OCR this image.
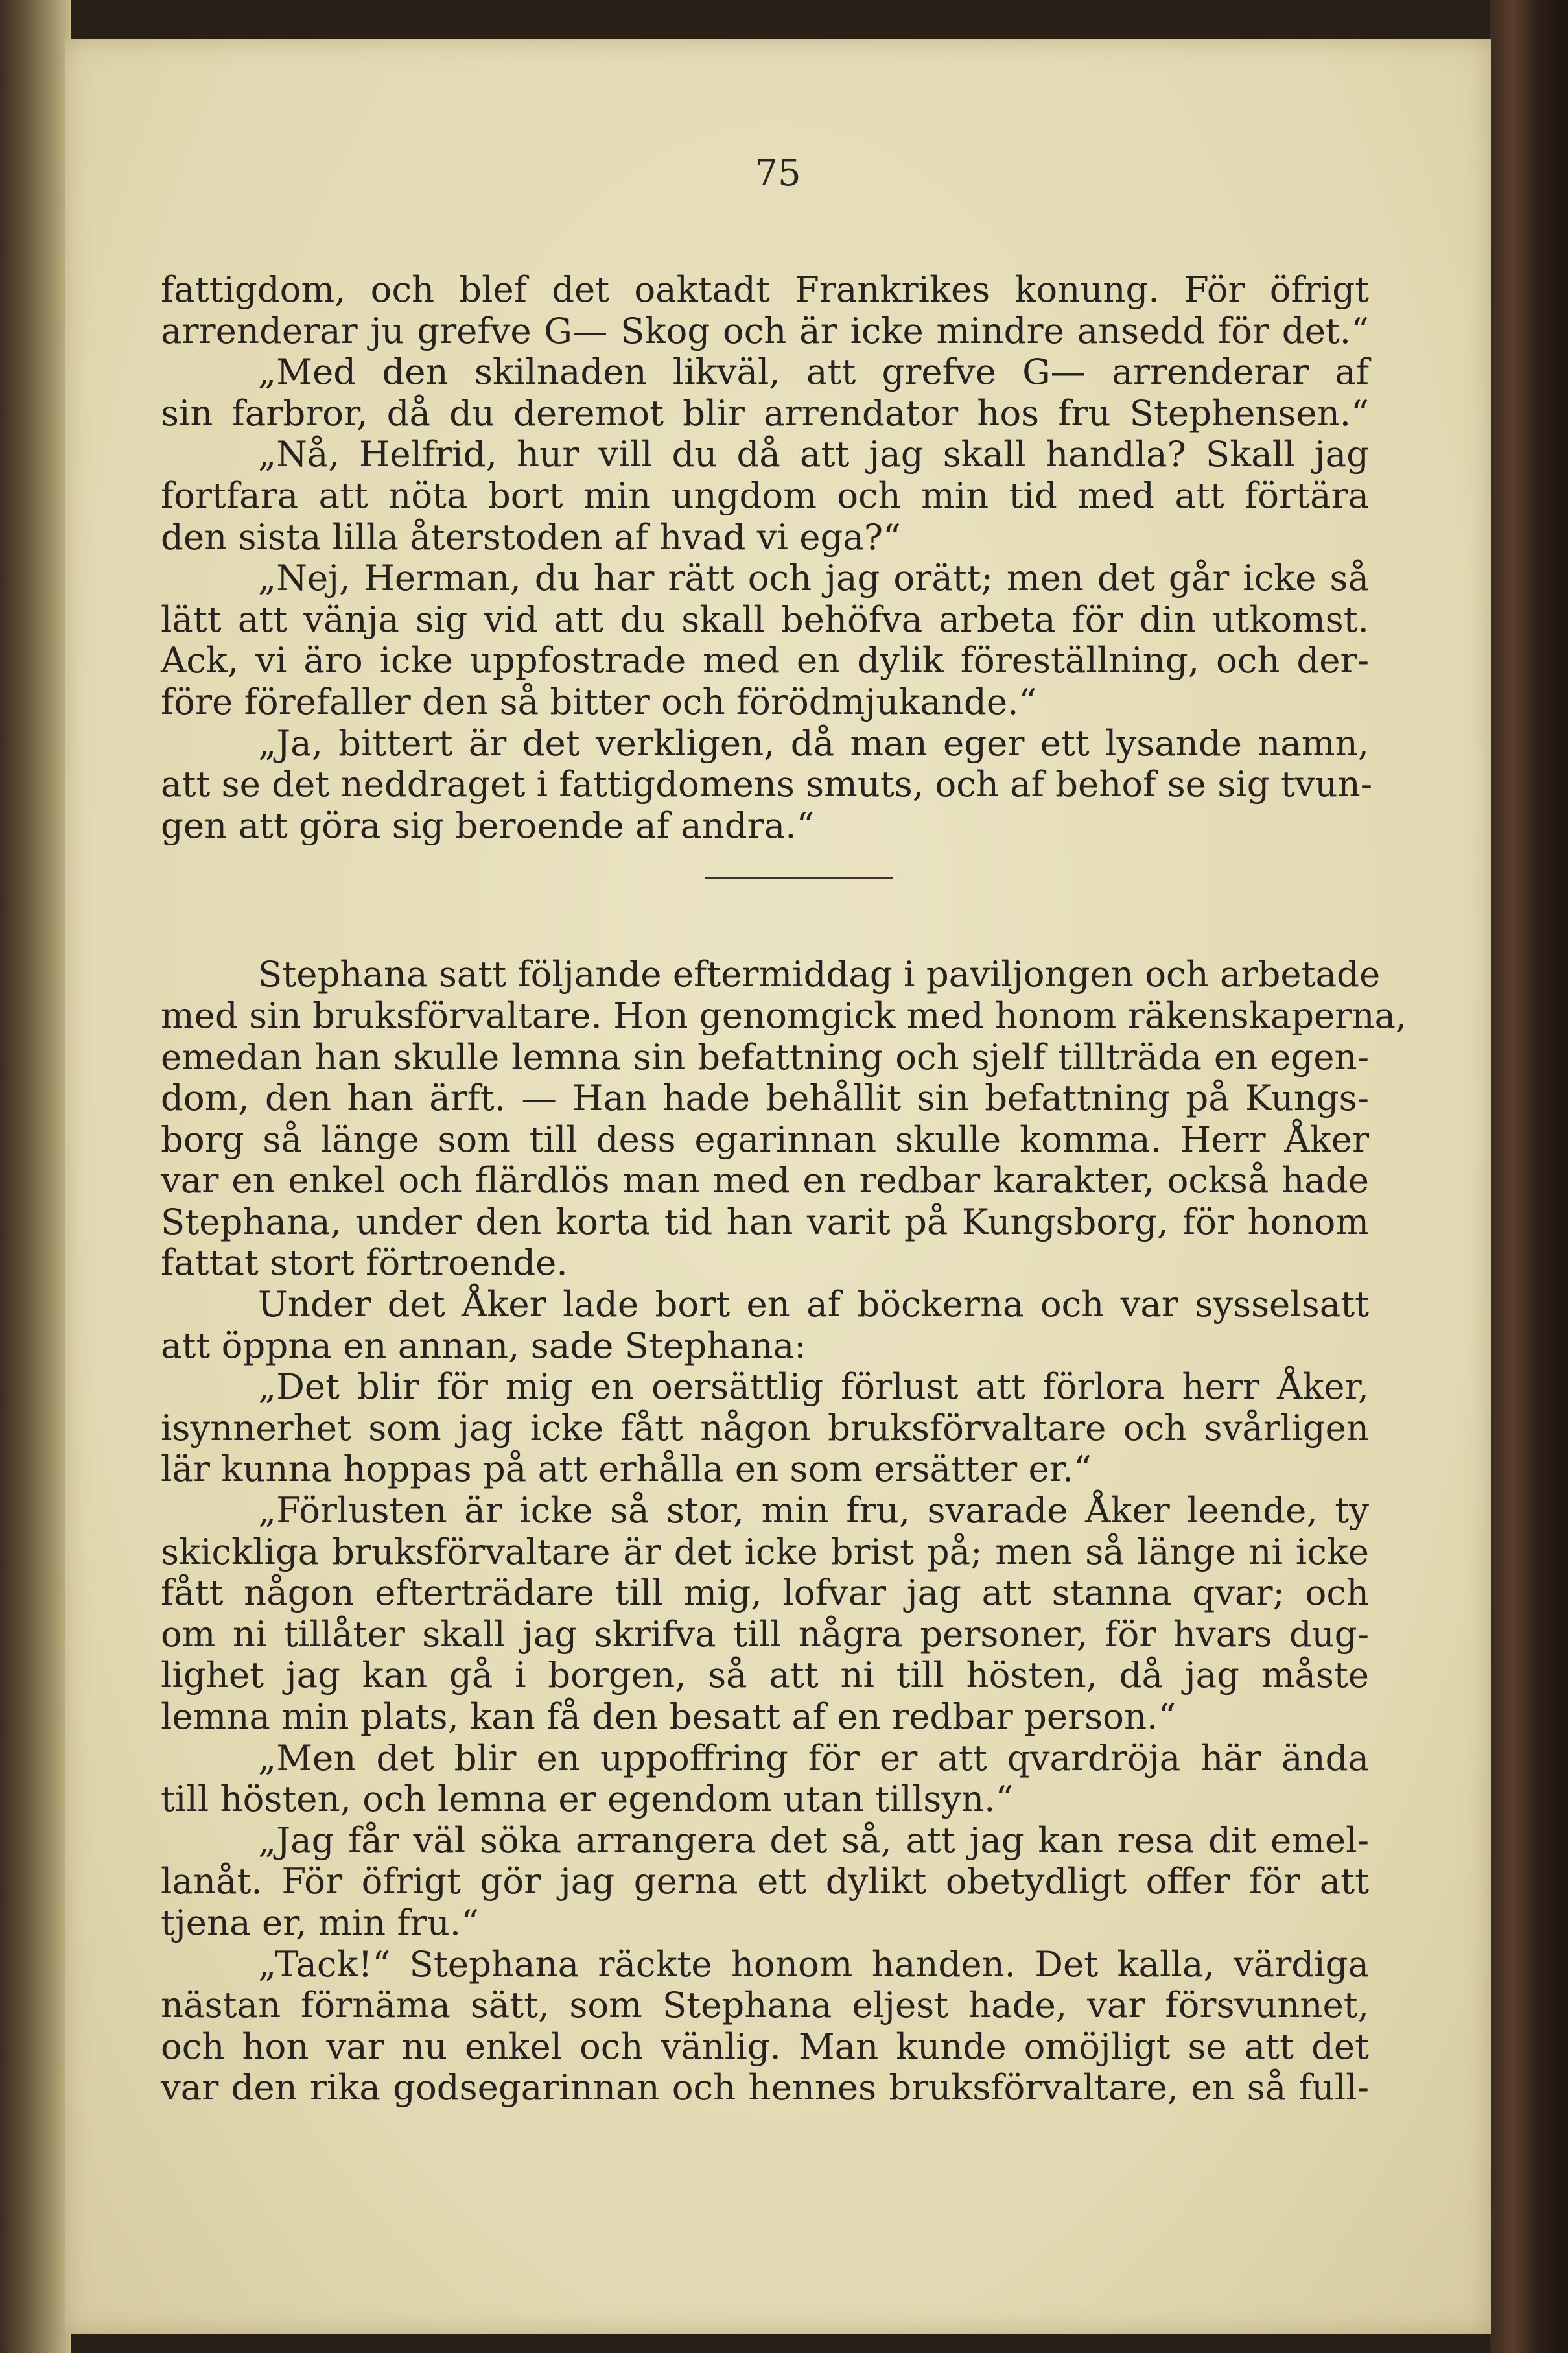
75
fattigdom, och blef det oaktadt Frankrikes konung. För öfrigt
arrenderar ju grefve G— Skog och är icke mindre ansedd för det.“
„Med den skilnaden likväl, att grefve G— arrenderar af
sin farbror, då du deremot blir arrendator hos fru Stephensen.“
„Nå, Helfrid, hur vill du då att jag skall handla? Skall jag
fortfara att nöta bort min ungdom och min tid med att förtära
den sista lilla återstoden af hvad vi ega?“
„Nej, Herman, du har rätt och jag orätt; men det går icke så
lätt att vänja sig vid att du skall behöfva arbeta för din utkomst.
Ack, vi äro icke uppfostrade med en dylik föreställning, och der-
före förefaller den så bitter och förödmjukande.“
„Ja, bittert är det verkligen, då man eger ett lysande namn,
att se det neddraget i fattigdomens smuts, och af behof se sig tvun-
gen att göra sig beroende af andra.“
Stephana satt följande eftermiddag i paviljongen och arbetade
med sin bruksförvaltare. Hon genomgick med honom räkenskaperna,
emedan han skulle lemna sin befattning och sjelf tillträda en egen-
dom, den han ärft. — Han hade behållit sin befattning på Kungs-
borg så länge som till dess egarinnan skulle komma. Herr Åker
var en enkel och flärdlös man med en redbar karakter, också hade
Stephana, under den korta tid han varit på Kungsborg, för honom
fattat stort förtroende.
Under det Åker lade bort en af böckerna och var sysselsatt
att öppna en annan, sade Stephana:
„Det blir för mig en oersättlig förlust att förlora herr Åker,
isynnerhet som jag icke fått någon bruksförvaltare och svårligen
lär kunna hoppas på att erhålla en som ersätter er.“
„Förlusten är icke så stor, min fru, svarade Åker leende, ty
skickliga bruksförvaltare är det icke brist på; men så länge ni icke
fått någon efterträdare till mig, lofvar jag att stanna qvar; och
om ni tillåter skall jag skrifva till några personer, för hvars dug-
lighet jag kan gå i borgen, så att ni till hösten, då jag måste
lemna min plats, kan få den besatt af en redbar person.“
„Men det blir en uppoffring för er att qvardröja här ända
till hösten, och lemna er egendom utan tillsyn.“
„Jag får väl söka arrangera det så, att jag kan resa dit emel-
lanåt. För öfrigt gör jag gerna ett dylikt obetydligt offer för att
tjena er, min fru.“
„Tack!“ Stephana räckte honom handen. Det kalla, värdiga
nästan förnäma sätt, som Stephana eljest hade, var försvunnet,
och hon var nu enkel och vänlig. Man kunde omöjligt se att det
var den rika godsegarinnan och hennes bruksförvaltare, en så full-
